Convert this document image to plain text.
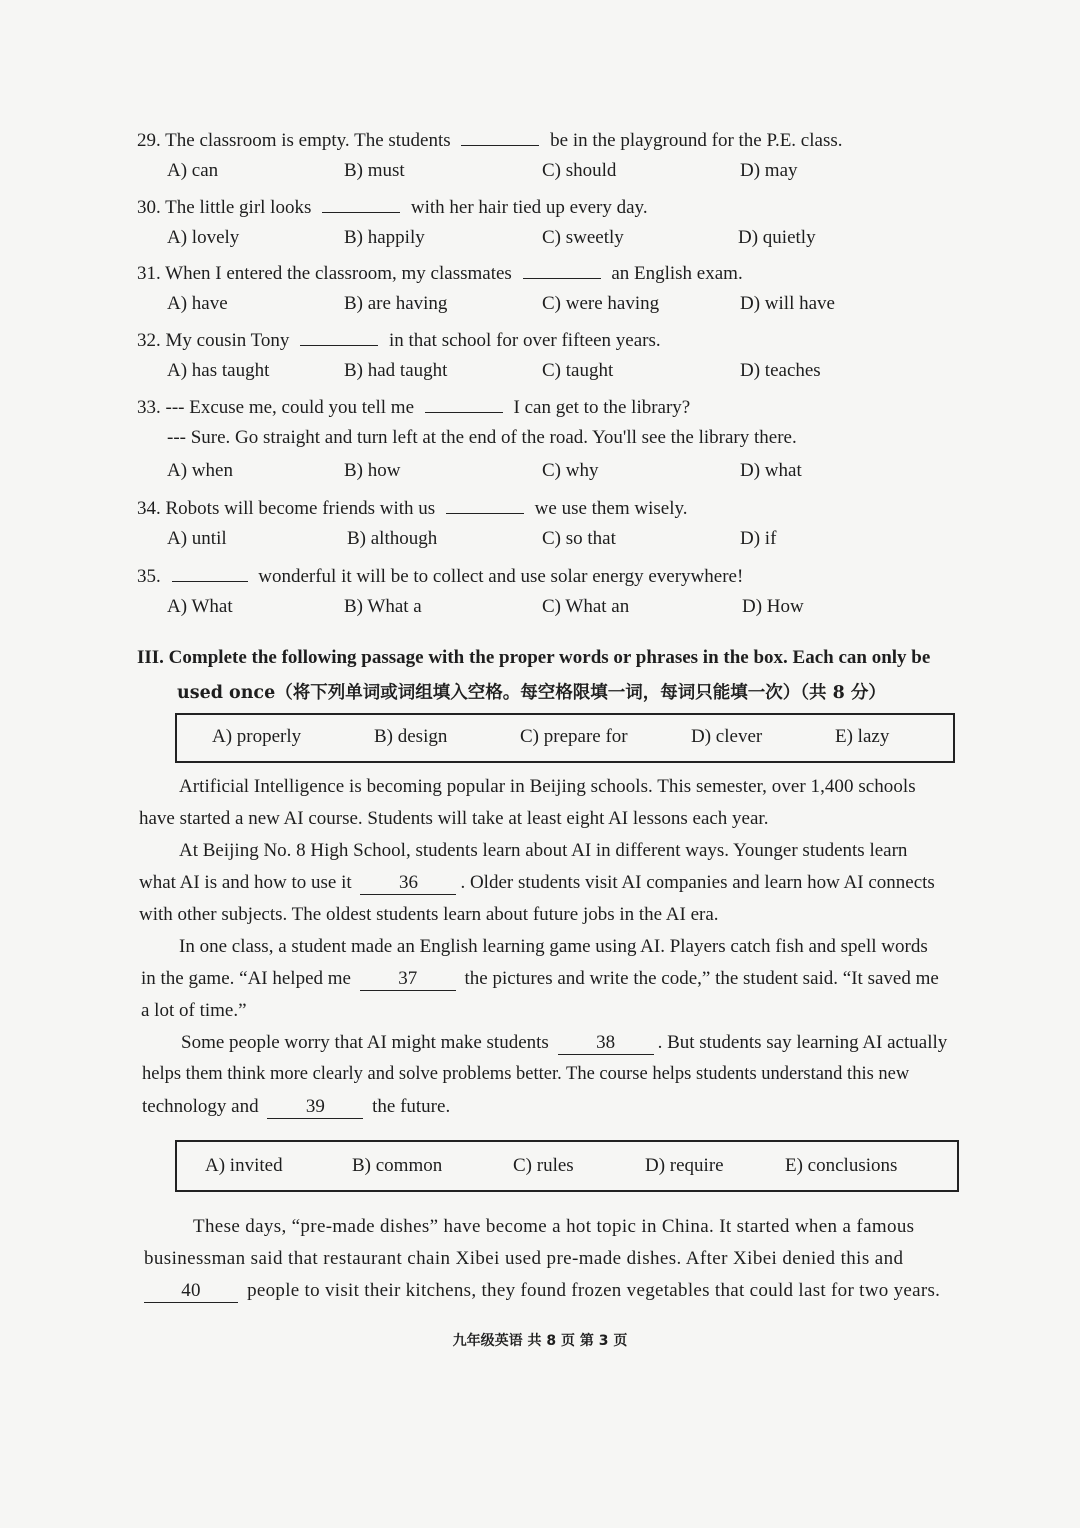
29. The classroom is empty. The students	be in the playground for the P.E. class.
A) can	B) must	C) should	D) may
30. The little girl looks	with her hair tied up every day.
A) lovely	B) happily	C) sweetly	D) quietly
31. When I entered the classroom, my classmates	an English exam.
A) have	B) are having	C) were having	D) will have
32. My cousin Tony	in that school for over fifteen years.
A) has taught	B) had taught	C) taught	D) teaches
33. --- Excuse me, could you tell me	I can get to the library?
--- Sure. Go straight and turn left at the end of the road. You'll see the library there.
A) when	B) how	C) why	D) what
34. Robots will become friends with us	we use them wisely.
A) until	B) although	C) so that	D) if
35.	wonderful it will be to collect and use solar energy everywhere!
A) What	B) What a	C) What an	D) How
III. Complete the following passage with the proper words or phrases in the box. Each can only be
used once（将下列单词或词组填入空格。每空格限填一词，每词只能填一次）（共 8 分）
A) properly	B) design	C) prepare for	D) clever	E) lazy
Artificial Intelligence is becoming popular in Beijing schools. This semester, over 1,400 schools
have started a new AI course. Students will take at least eight AI lessons each year.
At Beijing No. 8 High School, students learn about AI in different ways. Younger students learn
what AI is and how to use it 36 . Older students visit AI companies and learn how AI connects
with other subjects. The oldest students learn about future jobs in the AI era.
In one class, a student made an English learning game using AI. Players catch fish and spell words
in the game. “AI helped me 37 the pictures and write the code,” the student said. “It saved me
a lot of time.”
Some people worry that AI might make students 38 . But students say learning AI actually
helps them think more clearly and solve problems better. The course helps students understand this new
technology and 39 the future.
A) invited	B) common	C) rules	D) require	E) conclusions
These days, “pre-made dishes” have become a hot topic in China. It started when a famous
businessman said that restaurant chain Xibei used pre-made dishes. After Xibei denied this and
40 people to visit their kitchens, they found frozen vegetables that could last for two years.
九年级英语 共 8 页 第 3 页
